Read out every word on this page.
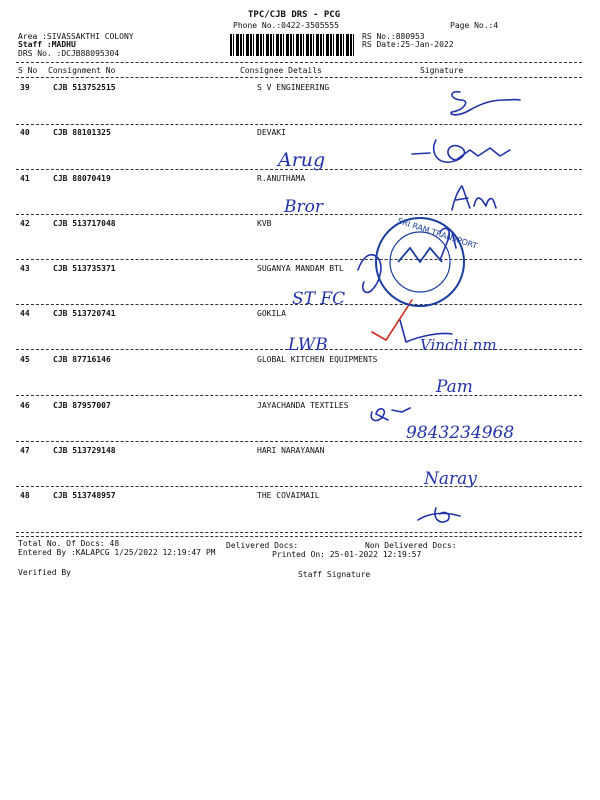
TPC/CJB DRS - PCG
Phone No.:0422-3505555	Page No.:4
Area :SIVASSAKTHI COLONY
Staff :MADHU
DRS No. :DCJB88095304
RS No.:880953
RS Date:25-Jan-2022
S No Consignment No	Consignee Details	Signature
39	CJB 513752515	S V ENGINEERING
40	CJB 88101325	DEVAKI
41	CJB 88070419	R.ANUTHAMA
42	CJB 513717048	KVB
43	CJB 513735371	SUGANYA MANDAM BTL
44	CJB 513720741	GOKILA
45	CJB 87716146	GLOBAL KITCHEN EQUIPMENTS
46	CJB 87957007	JAYACHANDA TEXTILES
47	CJB 513729148	HARI NARAYANAN
48	CJB 513748957	THE COVAIMAIL
Total No. Of Docs: 48	Delivered Docs:	Non Delivered Docs:
Entered By :KALAPCG 1/25/2022 12:19:47 PM	Printed On: 25-01-2022 12:19:57
Verified By	Staff Signature
Arug
Bror
ST FC
LWB	Vinchi nm
Pam
9843234968
Naray
SRI RAM TRANSPORT
